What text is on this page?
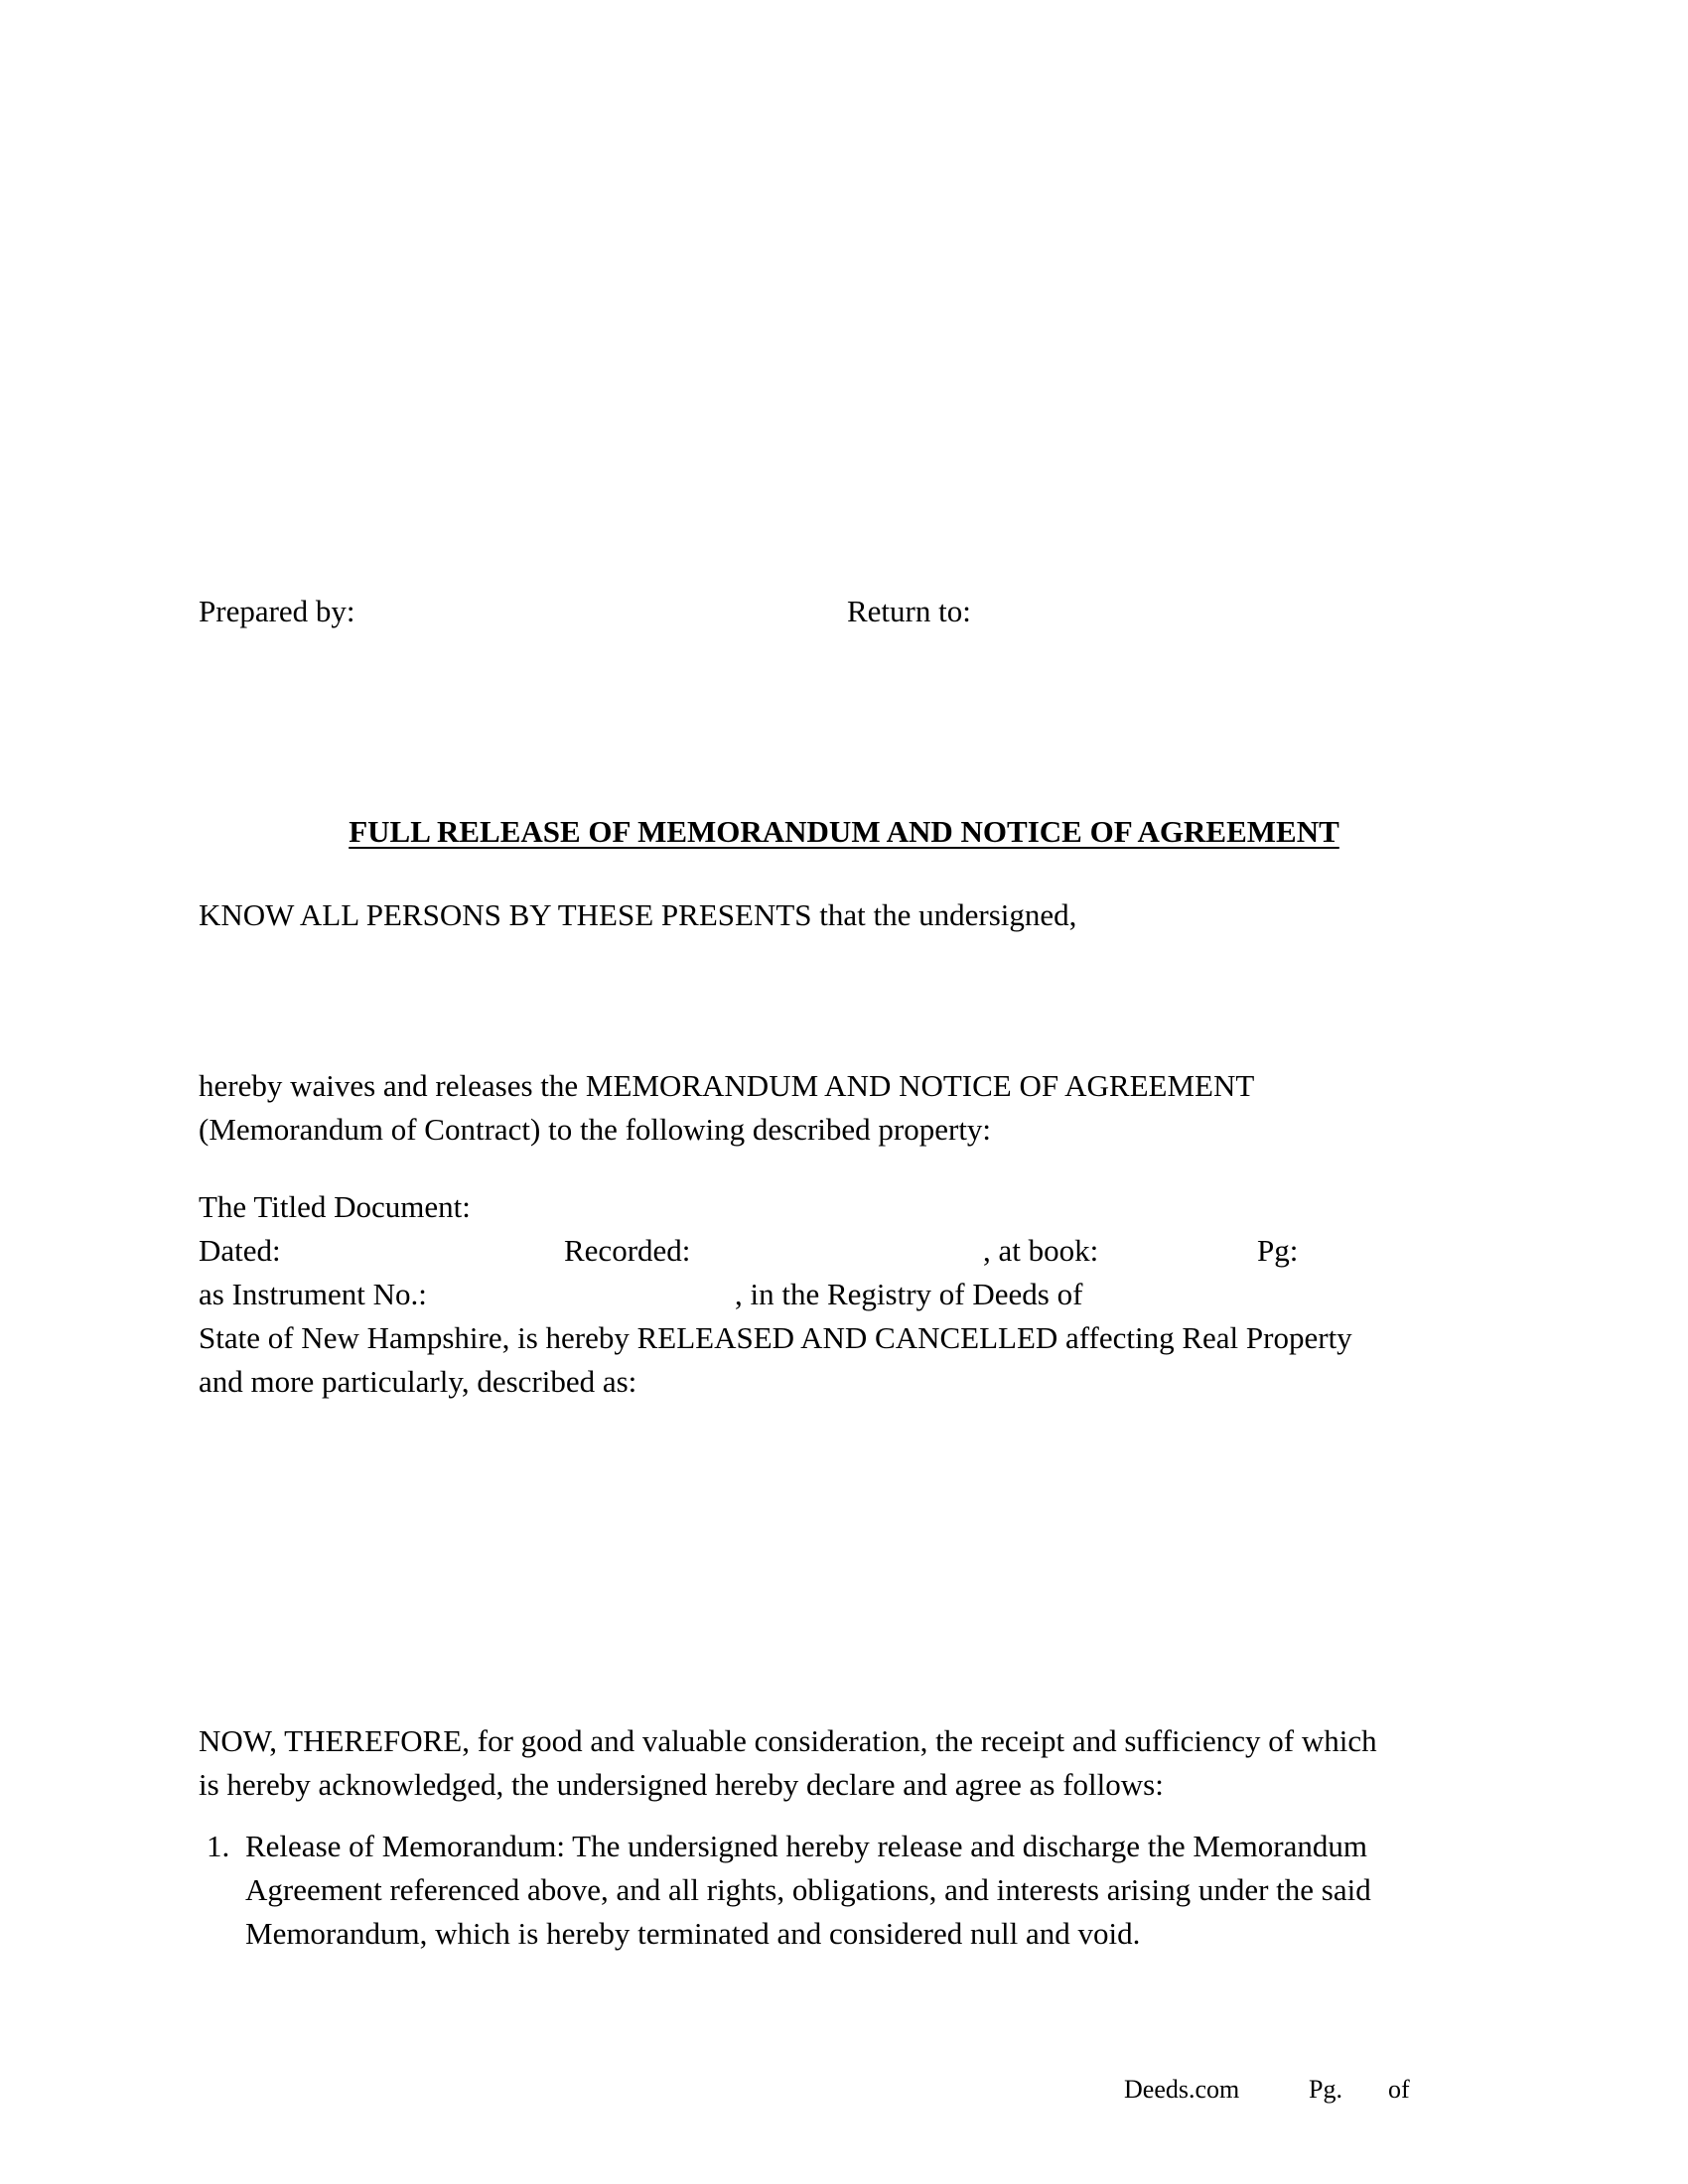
Prepared by:	Return to:
FULL RELEASE OF MEMORANDUM AND NOTICE OF AGREEMENT
KNOW ALL PERSONS BY THESE PRESENTS that the undersigned,
hereby waives and releases the MEMORANDUM AND NOTICE OF AGREEMENT
(Memorandum of Contract) to the following described property:
The Titled Document:
Dated:	Recorded:	, at book:	Pg:
as Instrument No.:	, in the Registry of Deeds of
State of New Hampshire, is hereby RELEASED AND CANCELLED affecting Real Property
and more particularly, described as:
NOW, THEREFORE, for good and valuable consideration, the receipt and sufficiency of which
is hereby acknowledged, the undersigned hereby declare and agree as follows:
1. Release of Memorandum: The undersigned hereby release and discharge the Memorandum
Agreement referenced above, and all rights, obligations, and interests arising under the said
Memorandum, which is hereby terminated and considered null and void.
Deeds.com	Pg. of
